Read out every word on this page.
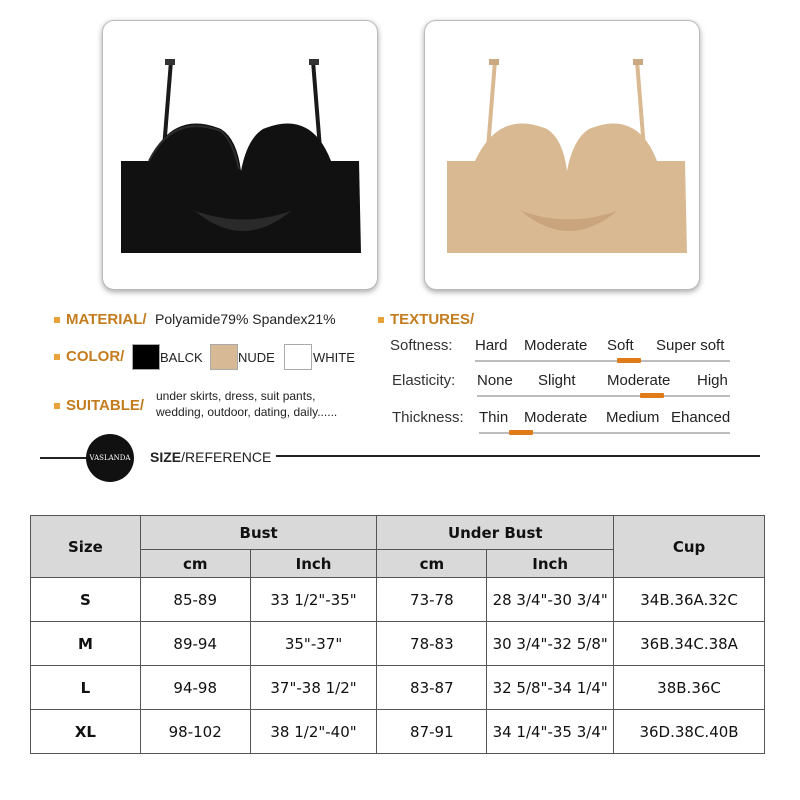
MATERIAL/ Polyamide79% Spandex21%
COLOR/	BALCK	NUDE	WHITE
SUITABLE/
under skirts, dress, suit pants,
wedding, outdoor, dating, daily......
TEXTURES/
Softness: Hard Moderate Soft Super soft
Elasticity: None Slight Moderate High
Thickness: Thin Moderate Medium Ehanced
VASLANDA SIZE/REFERENCE
Size	Bust		Under Bust		Cup
	cm	Inch	cm	Inch	
S	85-89	33 1/2"-35"	73-78	28 3/4"-30 3/4"	34B.36A.32C
M	89-94	35"-37"	78-83	30 3/4"-32 5/8"	36B.34C.38A
L	94-98	37"-38 1/2"	83-87	32 5/8"-34 1/4"	38B.36C
XL	98-102	38 1/2"-40"	87-91	34 1/4"-35 3/4"	36D.38C.40B
